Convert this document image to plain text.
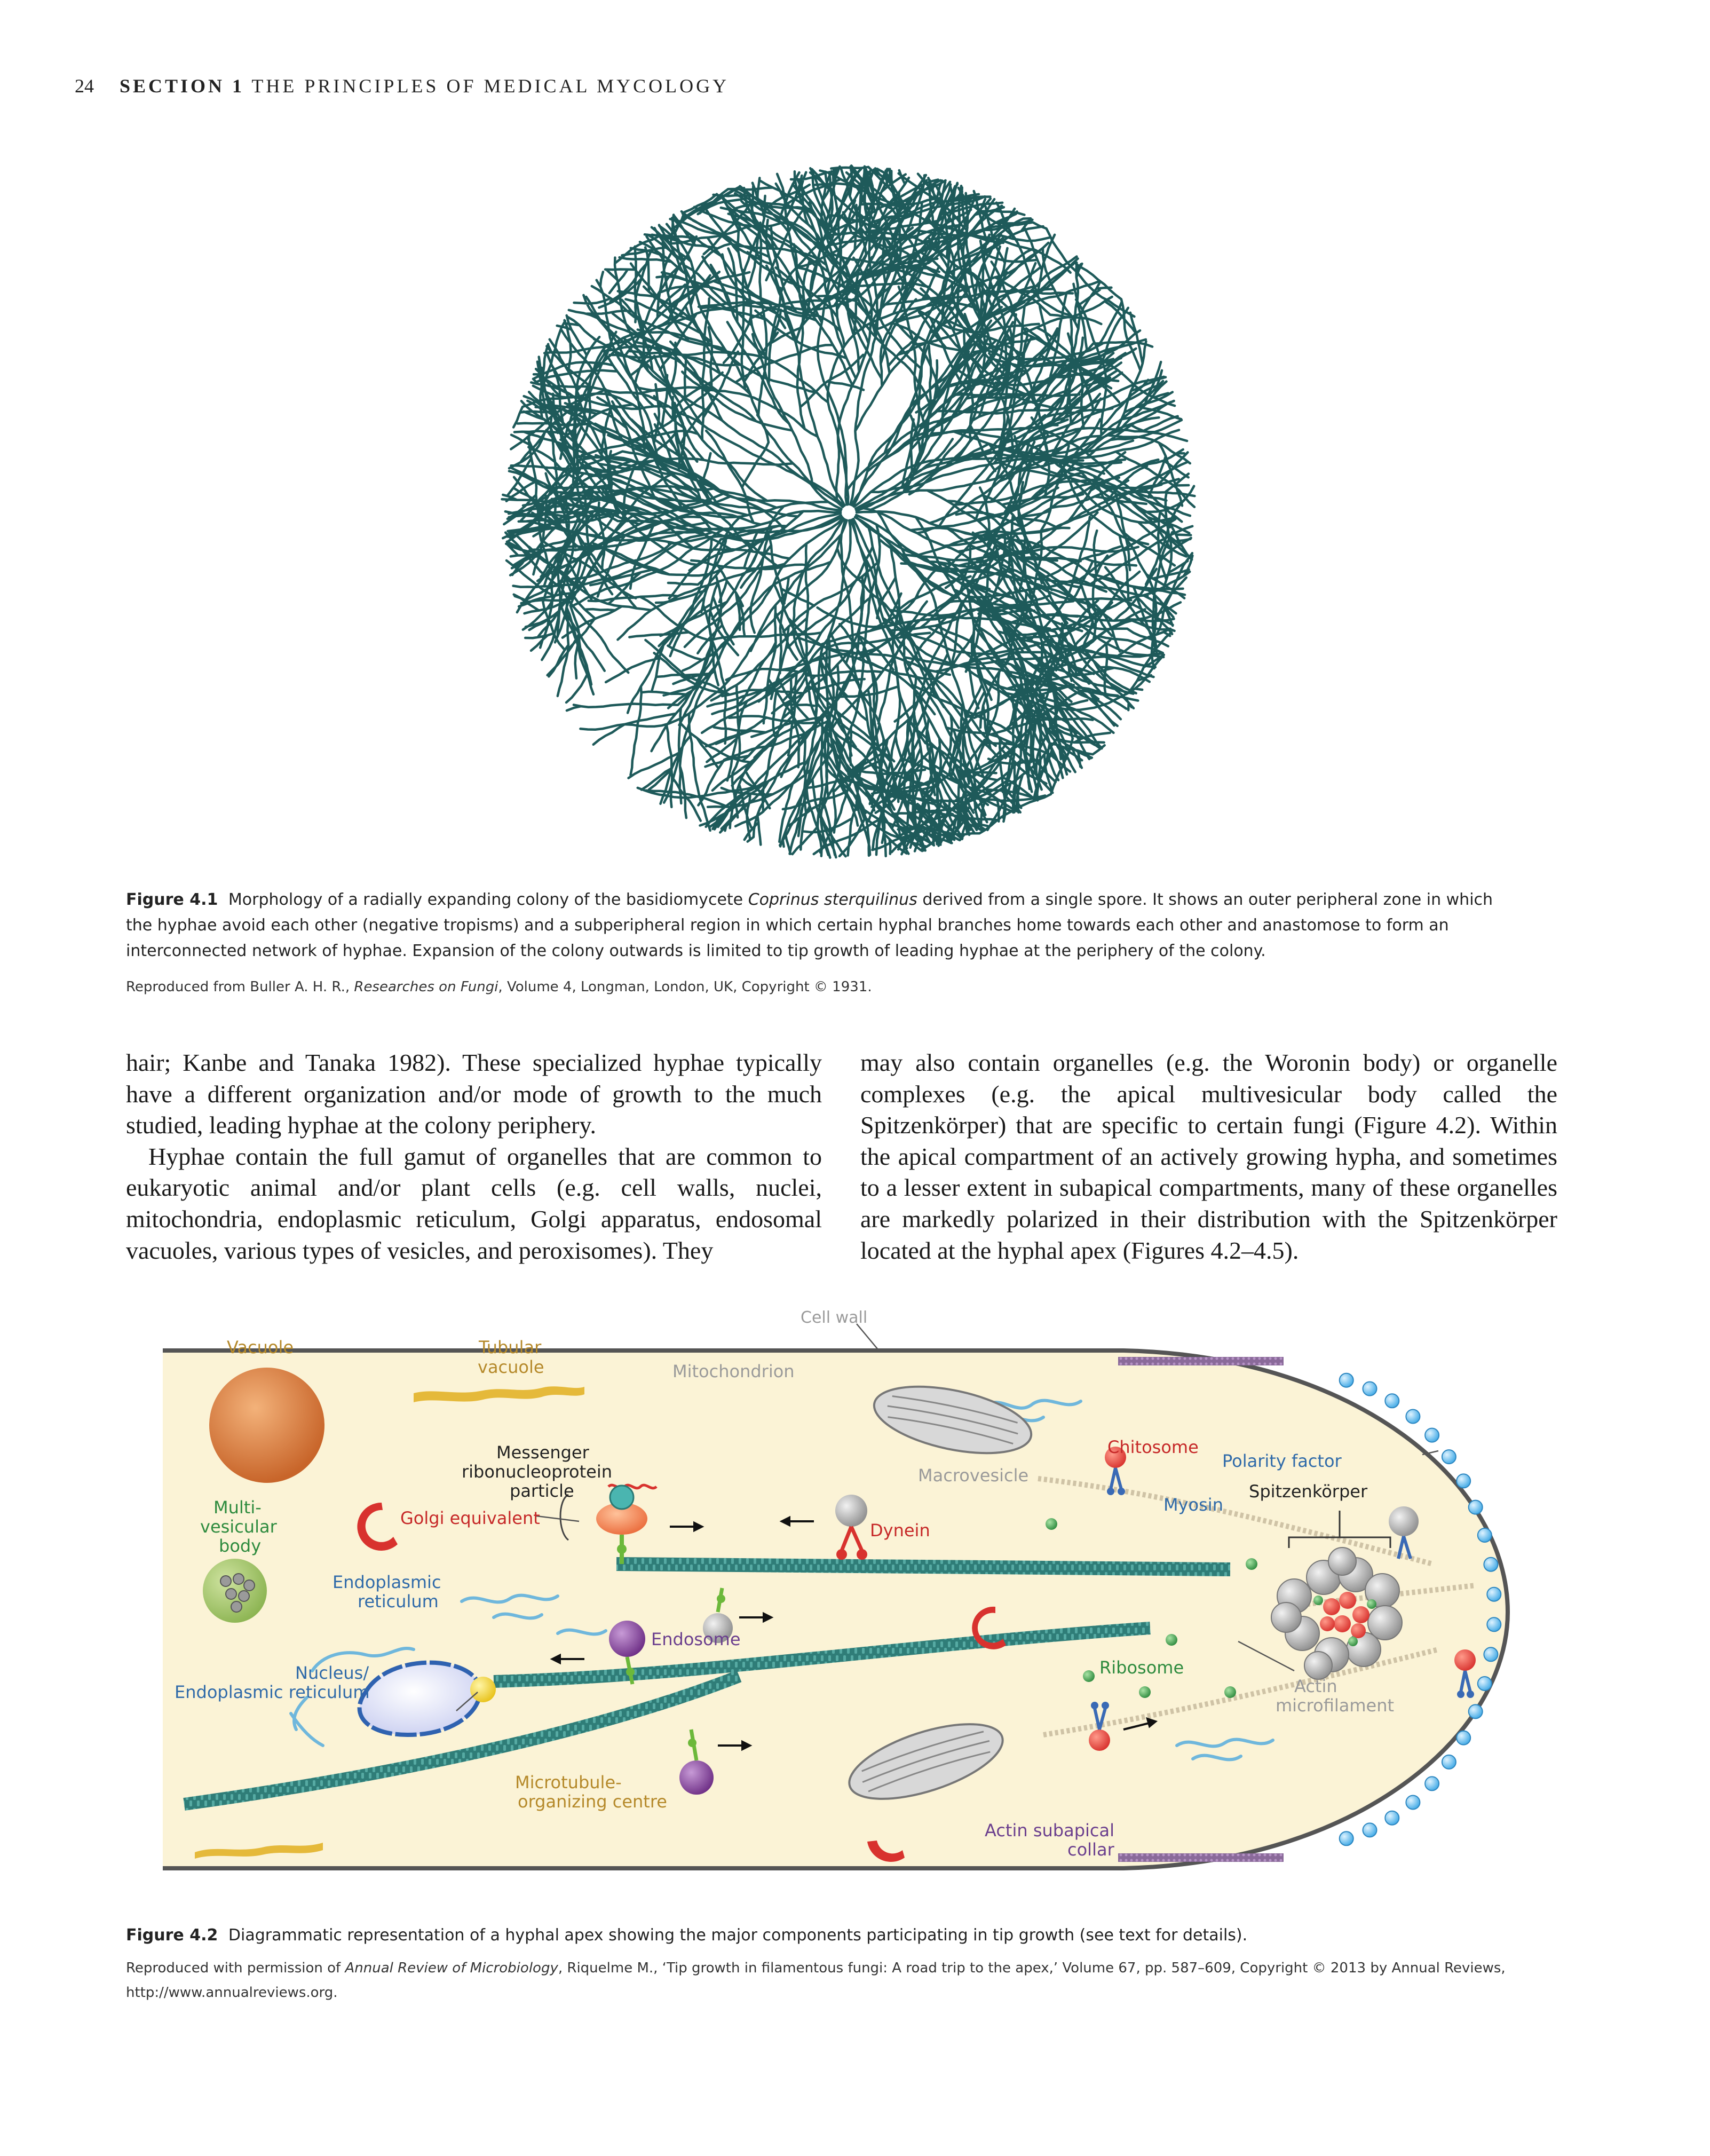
24 SECTION 1 THE PRINCIPLES OF MEDICAL MYCOLOGY
Figure 4.1 Morphology of a radially expanding colony of the basidiomycete Coprinus sterquilinus derived from a single spore. It shows an outer peripheral zone in which the hyphae avoid each other (negative tropisms) and a subperipheral region in which certain hyphal branches home towards each other and anastomose to form an interconnected network of hyphae. Expansion of the colony outwards is limited to tip growth of leading hyphae at the periphery of the colony.
Reproduced from Buller A. H. R., Researches on Fungi, Volume 4, Longman, London, UK, Copyright © 1931.

hair; Kanbe and Tanaka 1982). These specialized hyphae typically have a different organization and/or mode of growth to the much studied, leading hyphae at the colony periphery.

Hyphae contain the full gamut of organelles that are common to eukaryotic animal and/or plant cells (e.g. cell walls, nuclei, mitochondria, endoplasmic reticulum, Golgi apparatus, endosomal vacuoles, various types of vesicles, and peroxisomes). They

may also contain organelles (e.g. the Woronin body) or organelle complexes (e.g. the apical multivesicular body called the Spitzenkörper) that are specific to certain fungi (Figure 4.2). Within the apical compartment of an actively growing hypha, and sometimes to a lesser extent in subapical compartments, many of these organelles are markedly polarized in their distribution with the Spitzenkörper located at the hyphal apex (Figures 4.2–4.5).

Cell wall
Vacuole	Tubular
vacuole	Mitochondrion
Messenger
ribonucleoprotein
particle
Macrovesicle
Chitosome
Polarity factor
Myosin
Spitzenkörper
Multi-
vesicular
body
Golgi equivalent
Dynein
Endoplasmic
reticulum
Endosome
Ribosome
Nucleus/
Endoplasmic reticulum	Actin
microfilament
Microtubule-
organizing centre
Actin subapical
collar
Figure 4.2 Diagrammatic representation of a hyphal apex showing the major components participating in tip growth (see text for details).
Reproduced with permission of Annual Review of Microbiology, Riquelme M., ‘Tip growth in filamentous fungi: A road trip to the apex,’ Volume 67, pp. 587–609, Copyright © 2013 by Annual Reviews, http://www.annualreviews.org.
